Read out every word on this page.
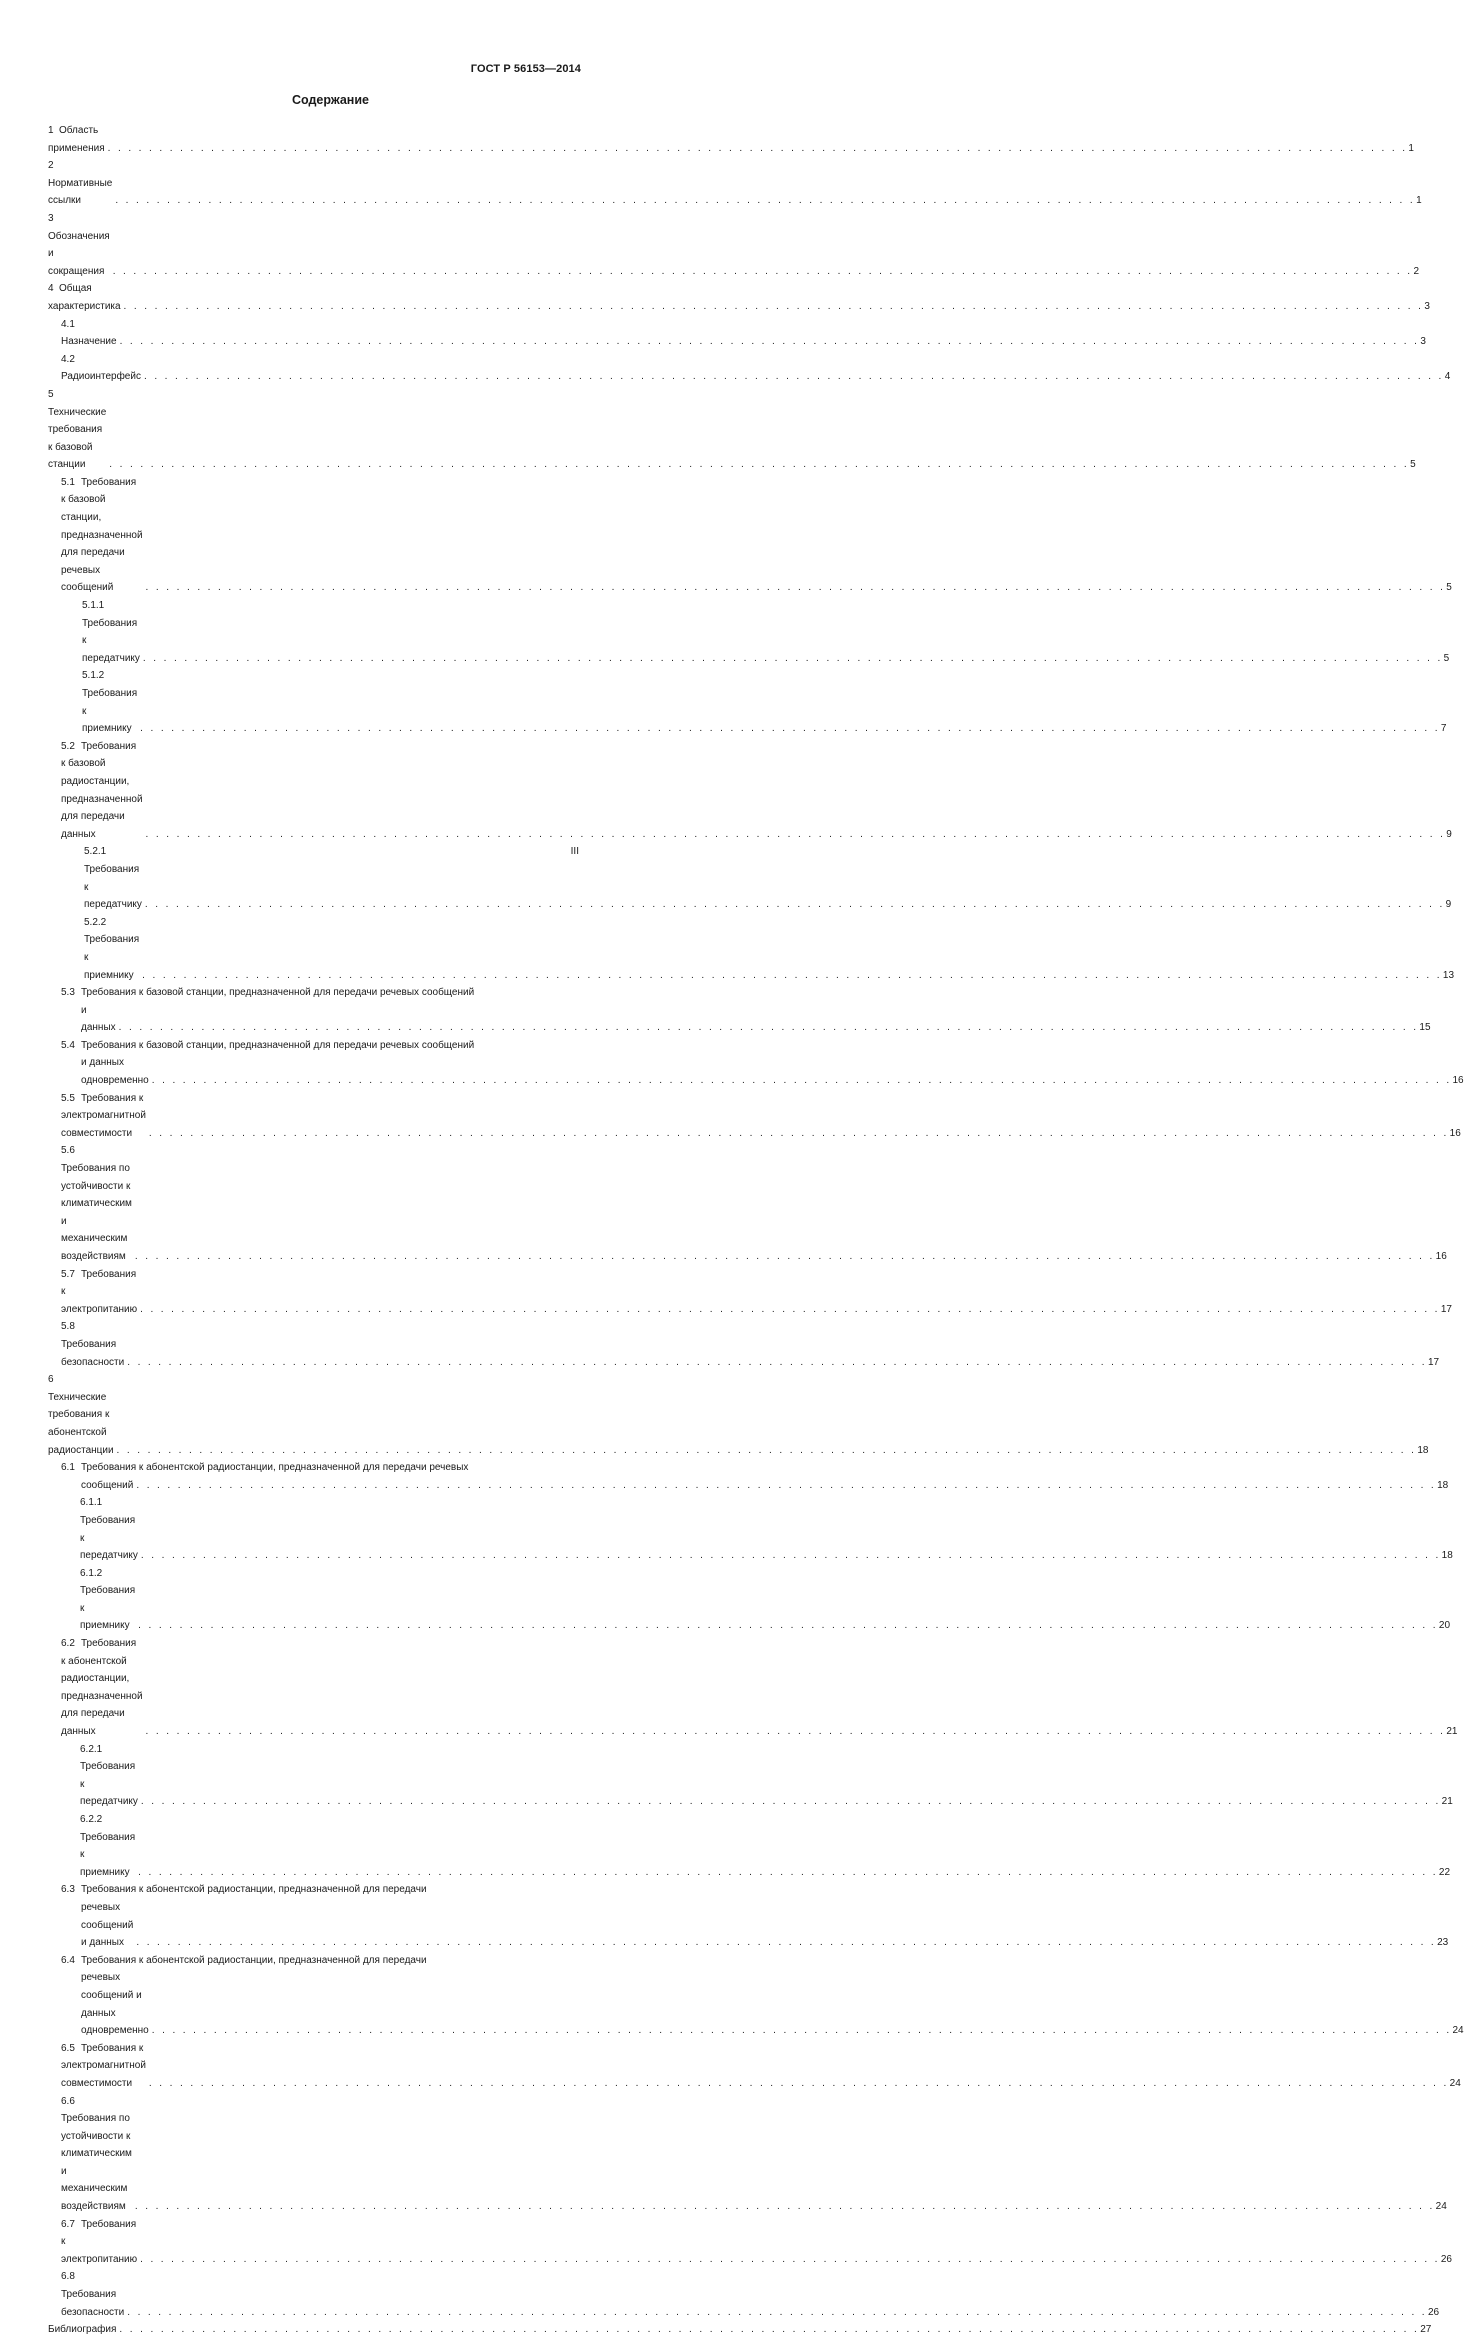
ГОСТ Р 56153—2014
Содержание
1 Область применения . . .	1
2Нормативные ссылки . . .	1
3Обозначения и сокращения . . .	2
4 Общая характеристика . . .	3
4.1Назначение . . .	3
4.2Радиоинтерфейс . . .	4
5Технические требования к базовой станции . . .	5
5.1 Требования к базовой станции, предназначенной для передачи речевых сообщений . . .	5
5.1.1Требования к передатчику . . .	5
5.1.2Требования к приемнику . . .	7
5.2 Требования к базовой радиостанции, предназначенной для передачи данных . . .	9
5.2.1Требования к передатчику . . .	9
5.2.2Требования к приемнику . . .	13
5.3 Требования к базовой станции, предназначенной для передачи речевых сообщений
и данных . . .	15
5.4 Требования к базовой станции, предназначенной для передачи речевых сообщений
и данных одновременно . . .	16
5.5 Требования к электромагнитной совместимости . . .	16
5.6Требования по устойчивости к климатическим и механическим воздействиям . . .	16
5.7 Требования к электропитанию . . .	17
5.8Требования безопасности . . .	17
6Технические требования к абонентской радиостанции . . .	18
6.1 Требования к абонентской радиостанции, предназначенной для передачи речевых
сообщений . . .	18
6.1.1Требования к передатчику . . .	18
6.1.2Требования к приемнику . . .	20
6.2 Требования к абонентской радиостанции, предназначенной для передачи данных . . .	21
6.2.1Требования к передатчику . . .	21
6.2.2Требования к приемнику . . .	22
6.3 Требования к абонентской радиостанции, предназначенной для передачи
речевых сообщений и данных . . .	23
6.4 Требования к абонентской радиостанции, предназначенной для передачи
речевых сообщений и данных одновременно . . .	24
6.5 Требования к электромагнитной совместимости . . .	24
6.6Требования по устойчивости к климатическим и механическим воздействиям . . .	24
6.7 Требования к электропитанию . . .	26
6.8Требования безопасности . . .	26
Библиография . . .	27
III
